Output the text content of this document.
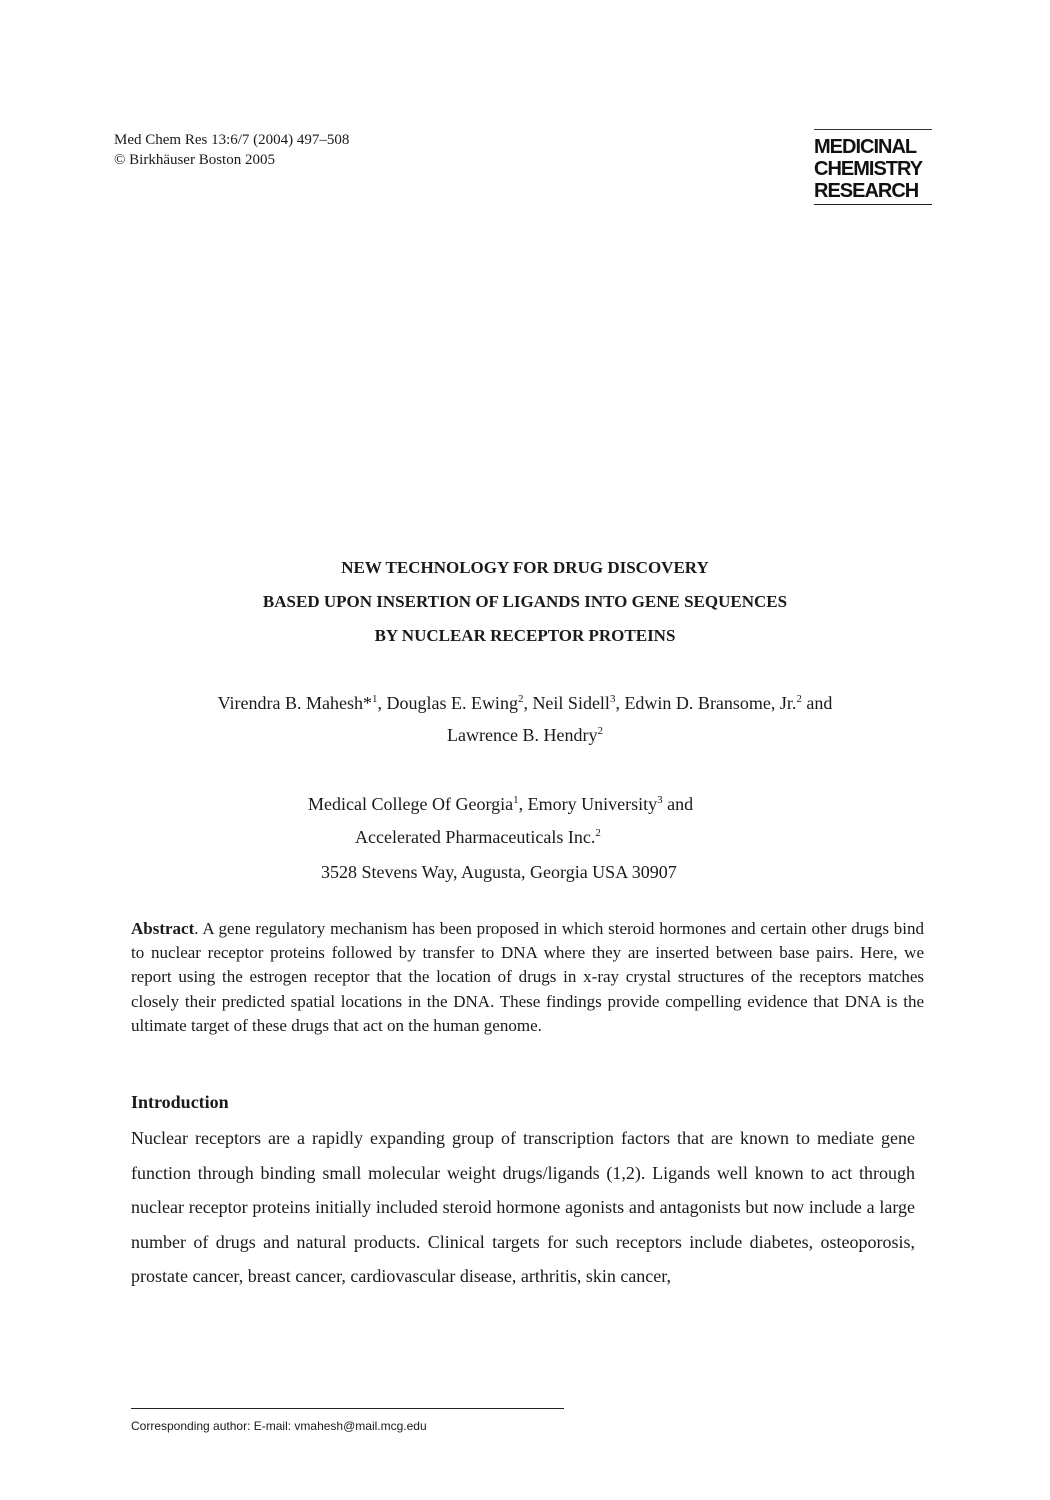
Med Chem Res 13:6/7 (2004) 497–508
© Birkhäuser Boston 2005
MEDICINAL
CHEMISTRY
RESEARCH
NEW TECHNOLOGY FOR DRUG DISCOVERY
BASED UPON INSERTION OF LIGANDS INTO GENE SEQUENCES
BY NUCLEAR RECEPTOR PROTEINS
Virendra B. Mahesh*$^1$, Douglas E. Ewing$^2$, Neil Sidell$^3$, Edwin D. Bransome, Jr.$^2$ and
Lawrence B. Hendry$^2$
Medical College Of Georgia$^1$, Emory University$^3$ and
Accelerated Pharmaceuticals Inc.$^2$
3528 Stevens Way, Augusta, Georgia USA 30907
Abstract. A gene regulatory mechanism has been proposed in which steroid hormones and certain other drugs bind to nuclear receptor proteins followed by transfer to DNA where they are inserted between base pairs. Here, we report using the estrogen receptor that the location of drugs in x-ray crystal structures of the receptors matches closely their predicted spatial locations in the DNA. These findings provide compelling evidence that DNA is the ultimate target of these drugs that act on the human genome.
Introduction
Nuclear receptors are a rapidly expanding group of transcription factors that are known to mediate gene function through binding small molecular weight drugs/ligands (1,2). Ligands well known to act through nuclear receptor proteins initially included steroid hormone agonists and antagonists but now include a large number of drugs and natural products. Clinical targets for such receptors include diabetes, osteoporosis, prostate cancer, breast cancer, cardiovascular disease, arthritis, skin cancer,
Corresponding author: E-mail: vmahesh@mail.mcg.edu
